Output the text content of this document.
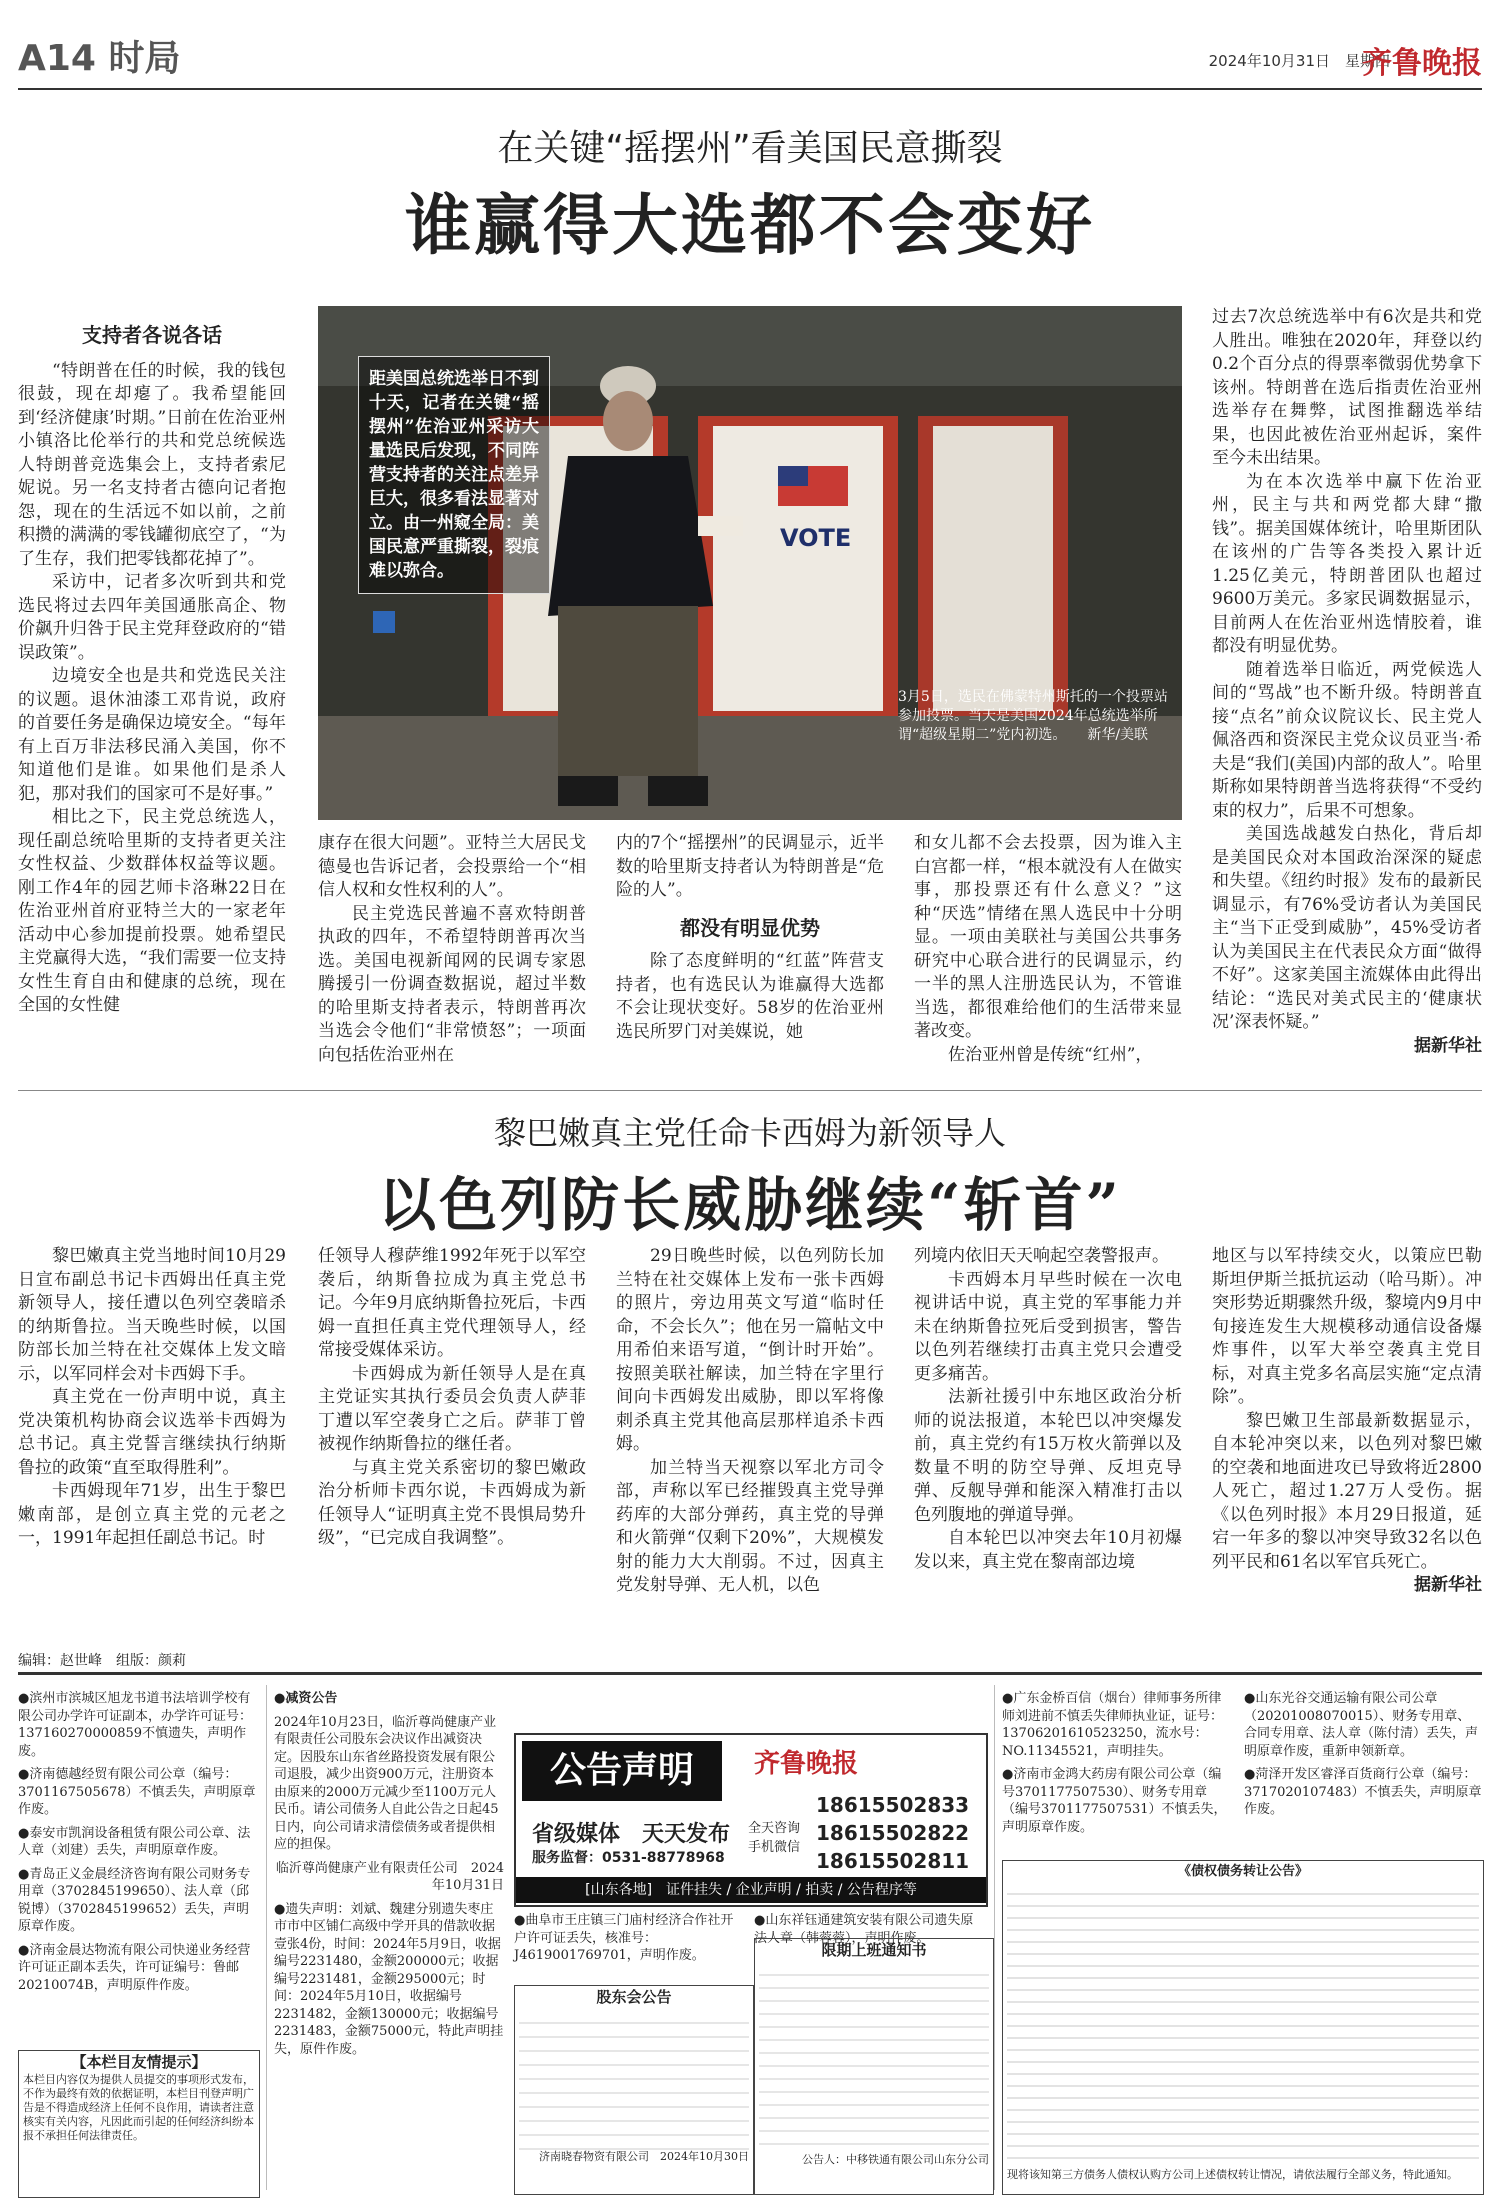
A14 时局	2024年10月31日　星期四
齐鲁晚报
在关键“摇摆州”看美国民意撕裂
谁赢得大选都不会变好
支持者各说各话

“特朗普在任的时候，我的钱包很鼓，现在却瘪了。我希望能回到‘经济健康’时期。”日前在佐治亚州小镇洛比伦举行的共和党总统候选人特朗普竞选集会上，支持者索尼妮说。另一名支持者古德向记者抱怨，现在的生活远不如以前，之前积攒的满满的零钱罐彻底空了，“为了生存，我们把零钱都花掉了”。

采访中，记者多次听到共和党选民将过去四年美国通胀高企、物价飙升归咎于民主党拜登政府的“错误政策”。

边境安全也是共和党选民关注的议题。退休油漆工邓肯说，政府的首要任务是确保边境安全。“每年有上百万非法移民涌入美国，你不知道他们是谁。如果他们是杀人犯，那对我们的国家可不是好事。”

相比之下，民主党总统选人，现任副总统哈里斯的支持者更关注女性权益、少数群体权益等议题。刚工作4年的园艺师卡洛琳22日在佐治亚州首府亚特兰大的一家老年活动中心参加提前投票。她希望民主党赢得大选，“我们需要一位支持女性生育自由和健康的总统，现在全国的女性健

VOTE
距美国总统选举日不到十天，记者在关键“摇摆州”佐治亚州采访大量选民后发现，不同阵营支持者的关注点差异巨大，很多看法显著对立。由一州窥全局：美国民意严重撕裂，裂痕难以弥合。
3月5日，选民在佛蒙特州斯托的一个投票站参加投票。当天是美国2024年总统选举所谓“超级星期二”党内初选。　　新华/美联

康存在很大问题”。亚特兰大居民戈德曼也告诉记者，会投票给一个“相信人权和女性权利的人”。

民主党选民普遍不喜欢特朗普执政的四年，不希望特朗普再次当选。美国电视新闻网的民调专家恩腾援引一份调查数据说，超过半数的哈里斯支持者表示，特朗普再次当选会令他们“非常愤怒”；一项面向包括佐治亚州在

内的7个“摇摆州”的民调显示，近半数的哈里斯支持者认为特朗普是“危险的人”。

都没有明显优势

除了态度鲜明的“红蓝”阵营支持者，也有选民认为谁赢得大选都不会让现状变好。58岁的佐治亚州选民所罗门对美媒说，她

和女儿都不会去投票，因为谁入主白宫都一样，“根本就没有人在做实事，那投票还有什么意义？”这种“厌选”情绪在黑人选民中十分明显。一项由美联社与美国公共事务研究中心联合进行的民调显示，约一半的黑人注册选民认为，不管谁当选，都很难给他们的生活带来显著改变。

佐治亚州曾是传统“红州”，

过去7次总统选举中有6次是共和党人胜出。唯独在2020年，拜登以约0.2个百分点的得票率微弱优势拿下该州。特朗普在选后指责佐治亚州选举存在舞弊，试图推翻选举结果，也因此被佐治亚州起诉，案件至今未出结果。

为在本次选举中赢下佐治亚州，民主与共和两党都大肆“撒钱”。据美国媒体统计，哈里斯团队在该州的广告等各类投入累计近1.25亿美元，特朗普团队也超过9600万美元。多家民调数据显示，目前两人在佐治亚州选情胶着，谁都没有明显优势。

随着选举日临近，两党候选人间的“骂战”也不断升级。特朗普直接“点名”前众议院议长、民主党人佩洛西和资深民主党众议员亚当·希夫是“我们(美国)内部的敌人”。哈里斯称如果特朗普当选将获得“不受约束的权力”，后果不可想象。

美国选战越发白热化，背后却是美国民众对本国政治深深的疑虑和失望。《纽约时报》发布的最新民调显示，有76%受访者认为美国民主“当下正受到威胁”，45%受访者认为美国民主在代表民众方面“做得不好”。这家美国主流媒体由此得出结论：“选民对美式民主的‘健康状况’深表怀疑。”

据新华社
黎巴嫩真主党任命卡西姆为新领导人
以色列防长威胁继续“斩首”

黎巴嫩真主党当地时间10月29日宣布副总书记卡西姆出任真主党新领导人，接任遭以色列空袭暗杀的纳斯鲁拉。当天晚些时候，以国防部长加兰特在社交媒体上发文暗示，以军同样会对卡西姆下手。

真主党在一份声明中说，真主党决策机构协商会议选举卡西姆为总书记。真主党誓言继续执行纳斯鲁拉的政策“直至取得胜利”。

卡西姆现年71岁，出生于黎巴嫩南部，是创立真主党的元老之一，1991年起担任副总书记。时

任领导人穆萨维1992年死于以军空袭后，纳斯鲁拉成为真主党总书记。今年9月底纳斯鲁拉死后，卡西姆一直担任真主党代理领导人，经常接受媒体采访。

卡西姆成为新任领导人是在真主党证实其执行委员会负责人萨菲丁遭以军空袭身亡之后。萨菲丁曾被视作纳斯鲁拉的继任者。

与真主党关系密切的黎巴嫩政治分析师卡西尔说，卡西姆成为新任领导人“证明真主党不畏惧局势升级”，“已完成自我调整”。

29日晚些时候，以色列防长加兰特在社交媒体上发布一张卡西姆的照片，旁边用英文写道“临时任命，不会长久”；他在另一篇帖文中用希伯来语写道，“倒计时开始”。按照美联社解读，加兰特在字里行间向卡西姆发出威胁，即以军将像刺杀真主党其他高层那样追杀卡西姆。

加兰特当天视察以军北方司令部，声称以军已经摧毁真主党导弹药库的大部分弹药，真主党的导弹和火箭弹“仅剩下20%”，大规模发射的能力大大削弱。不过，因真主党发射导弹、无人机，以色

列境内依旧天天响起空袭警报声。

卡西姆本月早些时候在一次电视讲话中说，真主党的军事能力并未在纳斯鲁拉死后受到损害，警告以色列若继续打击真主党只会遭受更多痛苦。

法新社援引中东地区政治分析师的说法报道，本轮巴以冲突爆发前，真主党约有15万枚火箭弹以及数量不明的防空导弹、反坦克导弹、反舰导弹和能深入精准打击以色列腹地的弹道导弹。

自本轮巴以冲突去年10月初爆发以来，真主党在黎南部边境

地区与以军持续交火，以策应巴勒斯坦伊斯兰抵抗运动（哈马斯）。冲突形势近期骤然升级，黎境内9月中旬接连发生大规模移动通信设备爆炸事件，以军大举空袭真主党目标，对真主党多名高层实施“定点清除”。

黎巴嫩卫生部最新数据显示，自本轮冲突以来，以色列对黎巴嫩的空袭和地面进攻已导致将近2800人死亡，超过1.27万人受伤。据《以色列时报》本月29日报道，延宕一年多的黎以冲突导致32名以色列平民和61名以军官兵死亡。

据新华社
编辑：赵世峰　组版：颜莉

●滨州市滨城区旭龙书道书法培训学校有限公司办学许可证副本，办学许可证号：137160270000859不慎遗失，声明作废。

●济南德越经贸有限公司公章（编号：3701167505678）不慎丢失，声明原章作废。

●泰安市凯润设备租赁有限公司公章、法人章（刘建）丢失，声明原章作废。

●青岛正义金晨经济咨询有限公司财务专用章（3702845199650）、法人章（邱锐博）（3702845199652）丢失，声明原章作废。

●济南金晨达物流有限公司快递业务经营许可证正副本丢失，许可证编号：鲁邮20210074B，声明原件作废。

【本栏目友情提示】
本栏目内容仅为提供人员提交的事项形式发布，不作为最终有效的依据证明，本栏目刊登声明广告是不得造成经济上任何不良作用，请读者注意核实有关内容，凡因此而引起的任何经济纠纷本报不承担任何法律责任。

●减资公告

2024年10月23日，临沂尊尚健康产业有限责任公司股东会决议作出减资决定。因股东山东省丝路投资发展有限公司退股，减少出资900万元，注册资本由原来的2000万元减少至1100万元人民币。请公司债务人自此公告之日起45日内，向公司请求清偿债务或者提供相应的担保。

临沂尊尚健康产业有限责任公司　2024年10月31日

●遗失声明：刘斌、魏建分别遗失枣庄市市中区铺仁高级中学开具的借款收据壹张4份，时间：2024年5月9日，收据编号2231480，金额200000元；收据编号2231481，金额295000元；时间：2024年5月10日，收据编号2231482，金额130000元；收据编号2231483，金额75000元，特此声明挂失，原件作废。

公告声明	齐鲁晚报
省级媒体　天天发布
服务监督：0531-88778968
全天咨询
手机微信
18615502833
18615502822
18615502811
[山东各地]　证件挂失 / 企业声明 / 拍卖 / 公告程序等

●曲阜市王庄镇三门庙村经济合作社开户许可证丢失，核准号：J4619001769701，声明作废。

●山东祥钰通建筑安装有限公司遗失原法人章（韩蓉蓉），声明作废。

股东会公告
济南晓春物资有限公司　2024年10月30日
限期上班通知书
公告人：中移铁通有限公司山东分公司

●广东金桥百信（烟台）律师事务所律师刘进前不慎丢失律师执业证，证号：13706201610523250，流水号：NO.11345521，声明挂失。

●济南市金鸿大药房有限公司公章（编号3701177507530）、财务专用章（编号3701177507531）不慎丢失，声明原章作废。

●山东光谷交通运输有限公司公章（20201008070015）、财务专用章、合同专用章、法人章（陈付清）丢失，声明原章作废，重新申领新章。

●菏泽开发区睿泽百货商行公章（编号：3717020107483）不慎丢失，声明原章作废。

《债权债务转让公告》
现将该知第三方债务人债权认购方公司上述债权转让情况，请依法履行全部义务，特此通知。
